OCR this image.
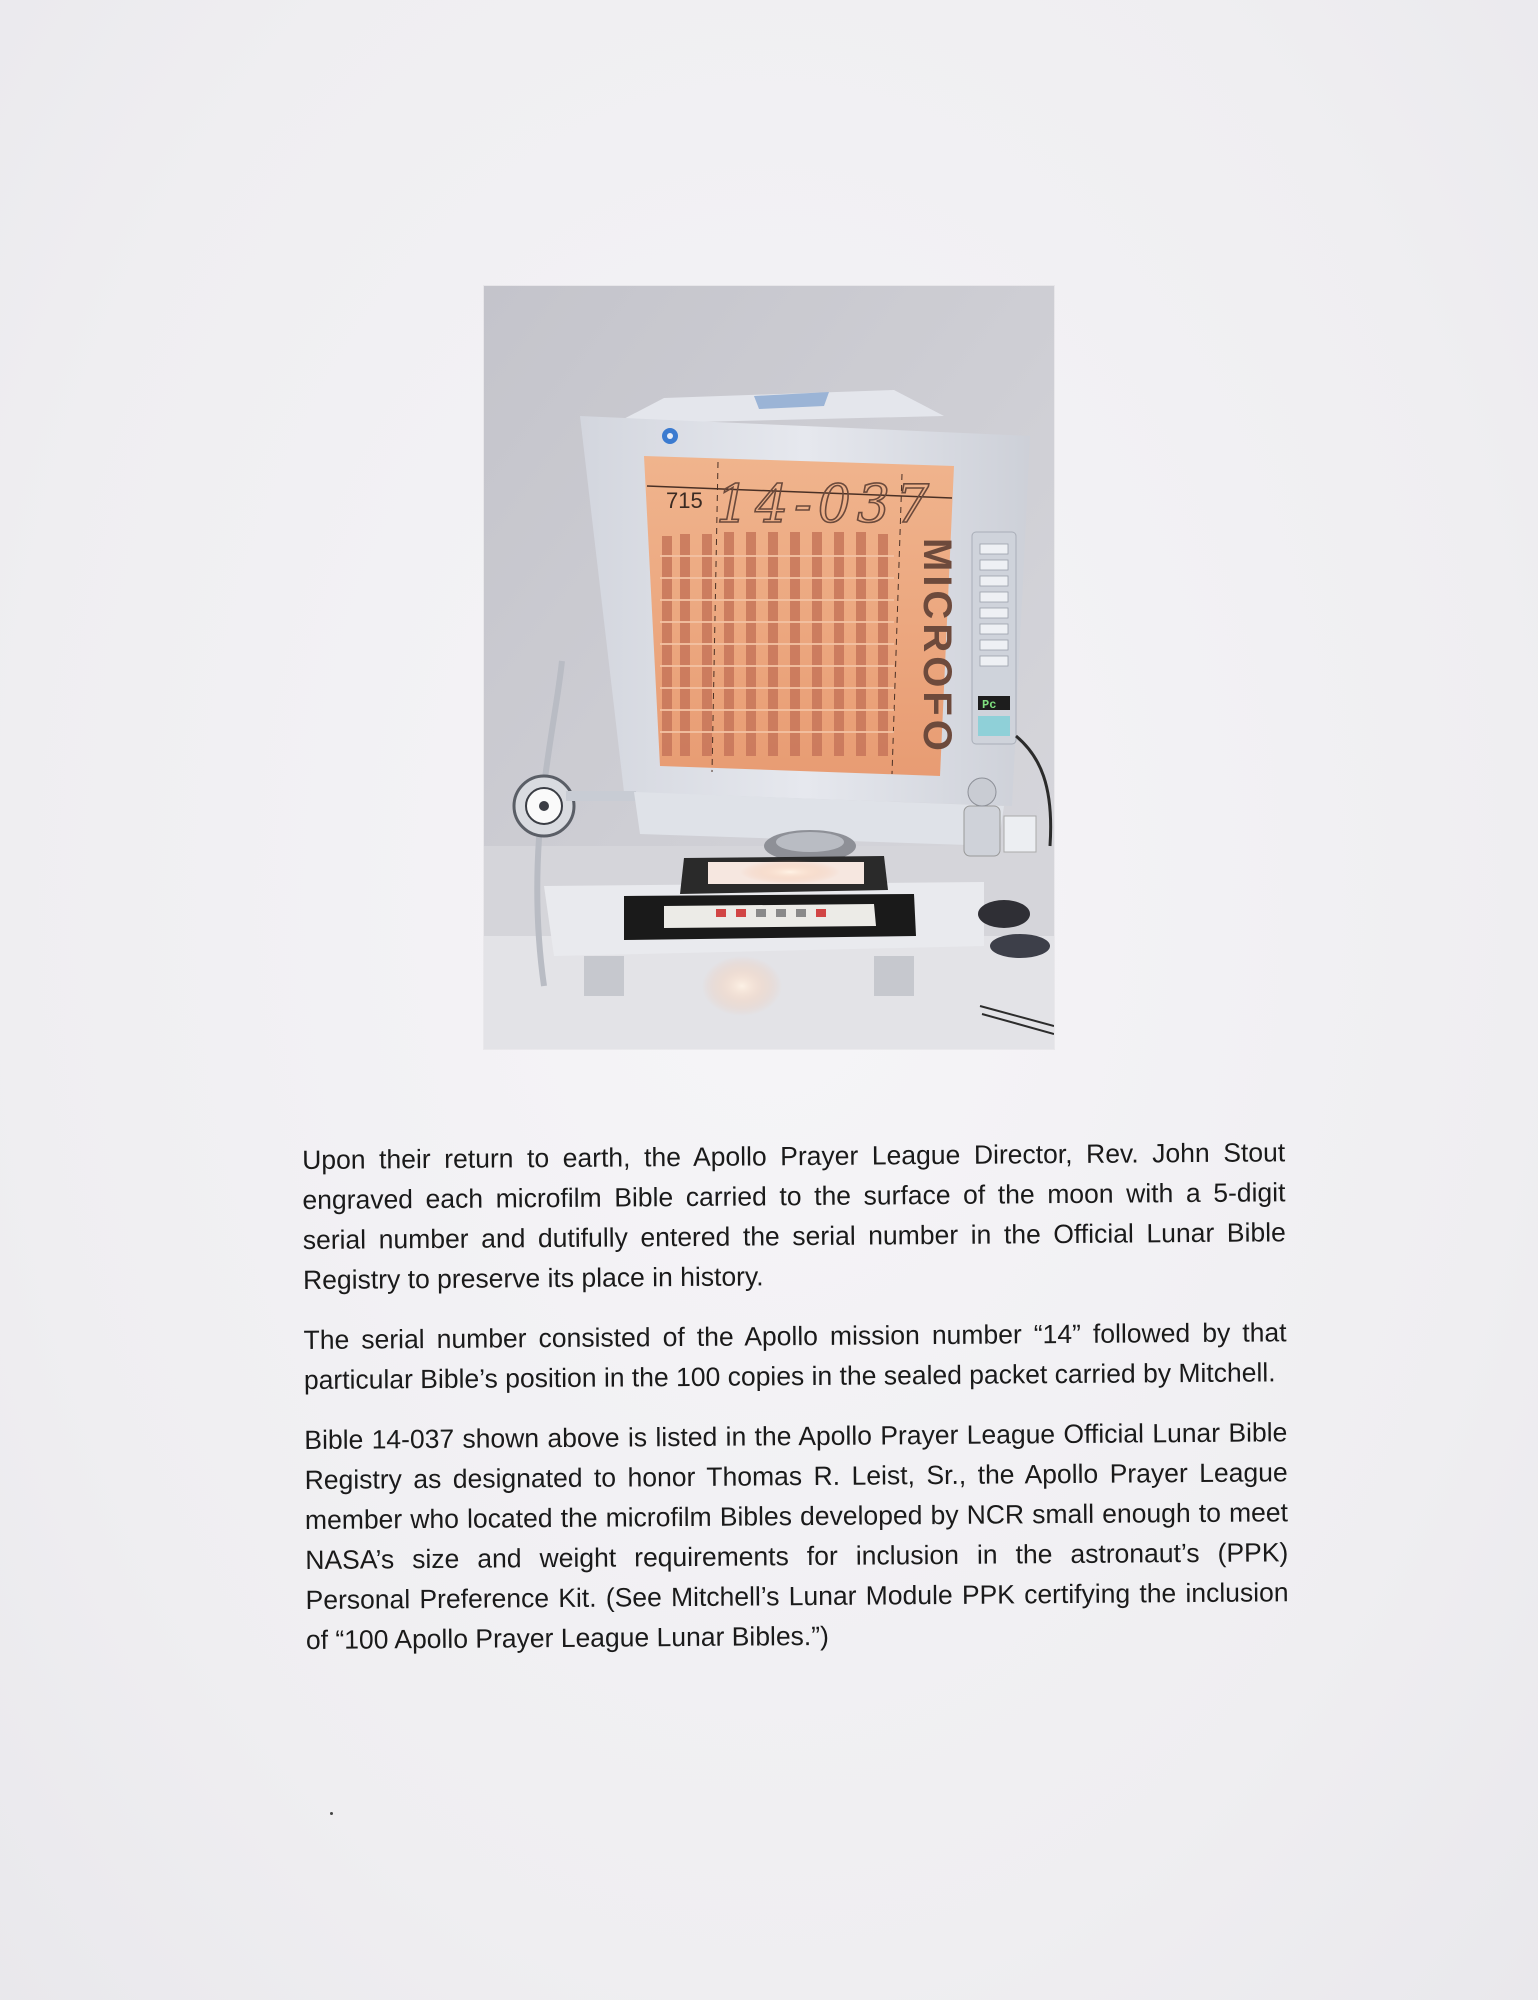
715 14-037
MICROFO Pc

Upon their return to earth, the Apollo Prayer League Director, Rev. John Stout engraved each microfilm Bible carried to the surface of the moon with a 5-digit serial number and dutifully entered the serial number in the Official Lunar Bible Registry to preserve its place in history.

The serial number consisted of the Apollo mission number “14” followed by that particular Bible’s position in the 100 copies in the sealed packet carried by Mitchell.

Bible 14-037 shown above is listed in the Apollo Prayer League Official Lunar Bible Registry as designated to honor Thomas R. Leist, Sr., the Apollo Prayer League member who located the microfilm Bibles developed by NCR small enough to meet NASA’s size and weight requirements for inclusion in the astronaut’s (PPK) Personal Preference Kit. (See Mitchell’s Lunar Module PPK certifying the inclusion of “100 Apollo Prayer League Lunar Bibles.”)
